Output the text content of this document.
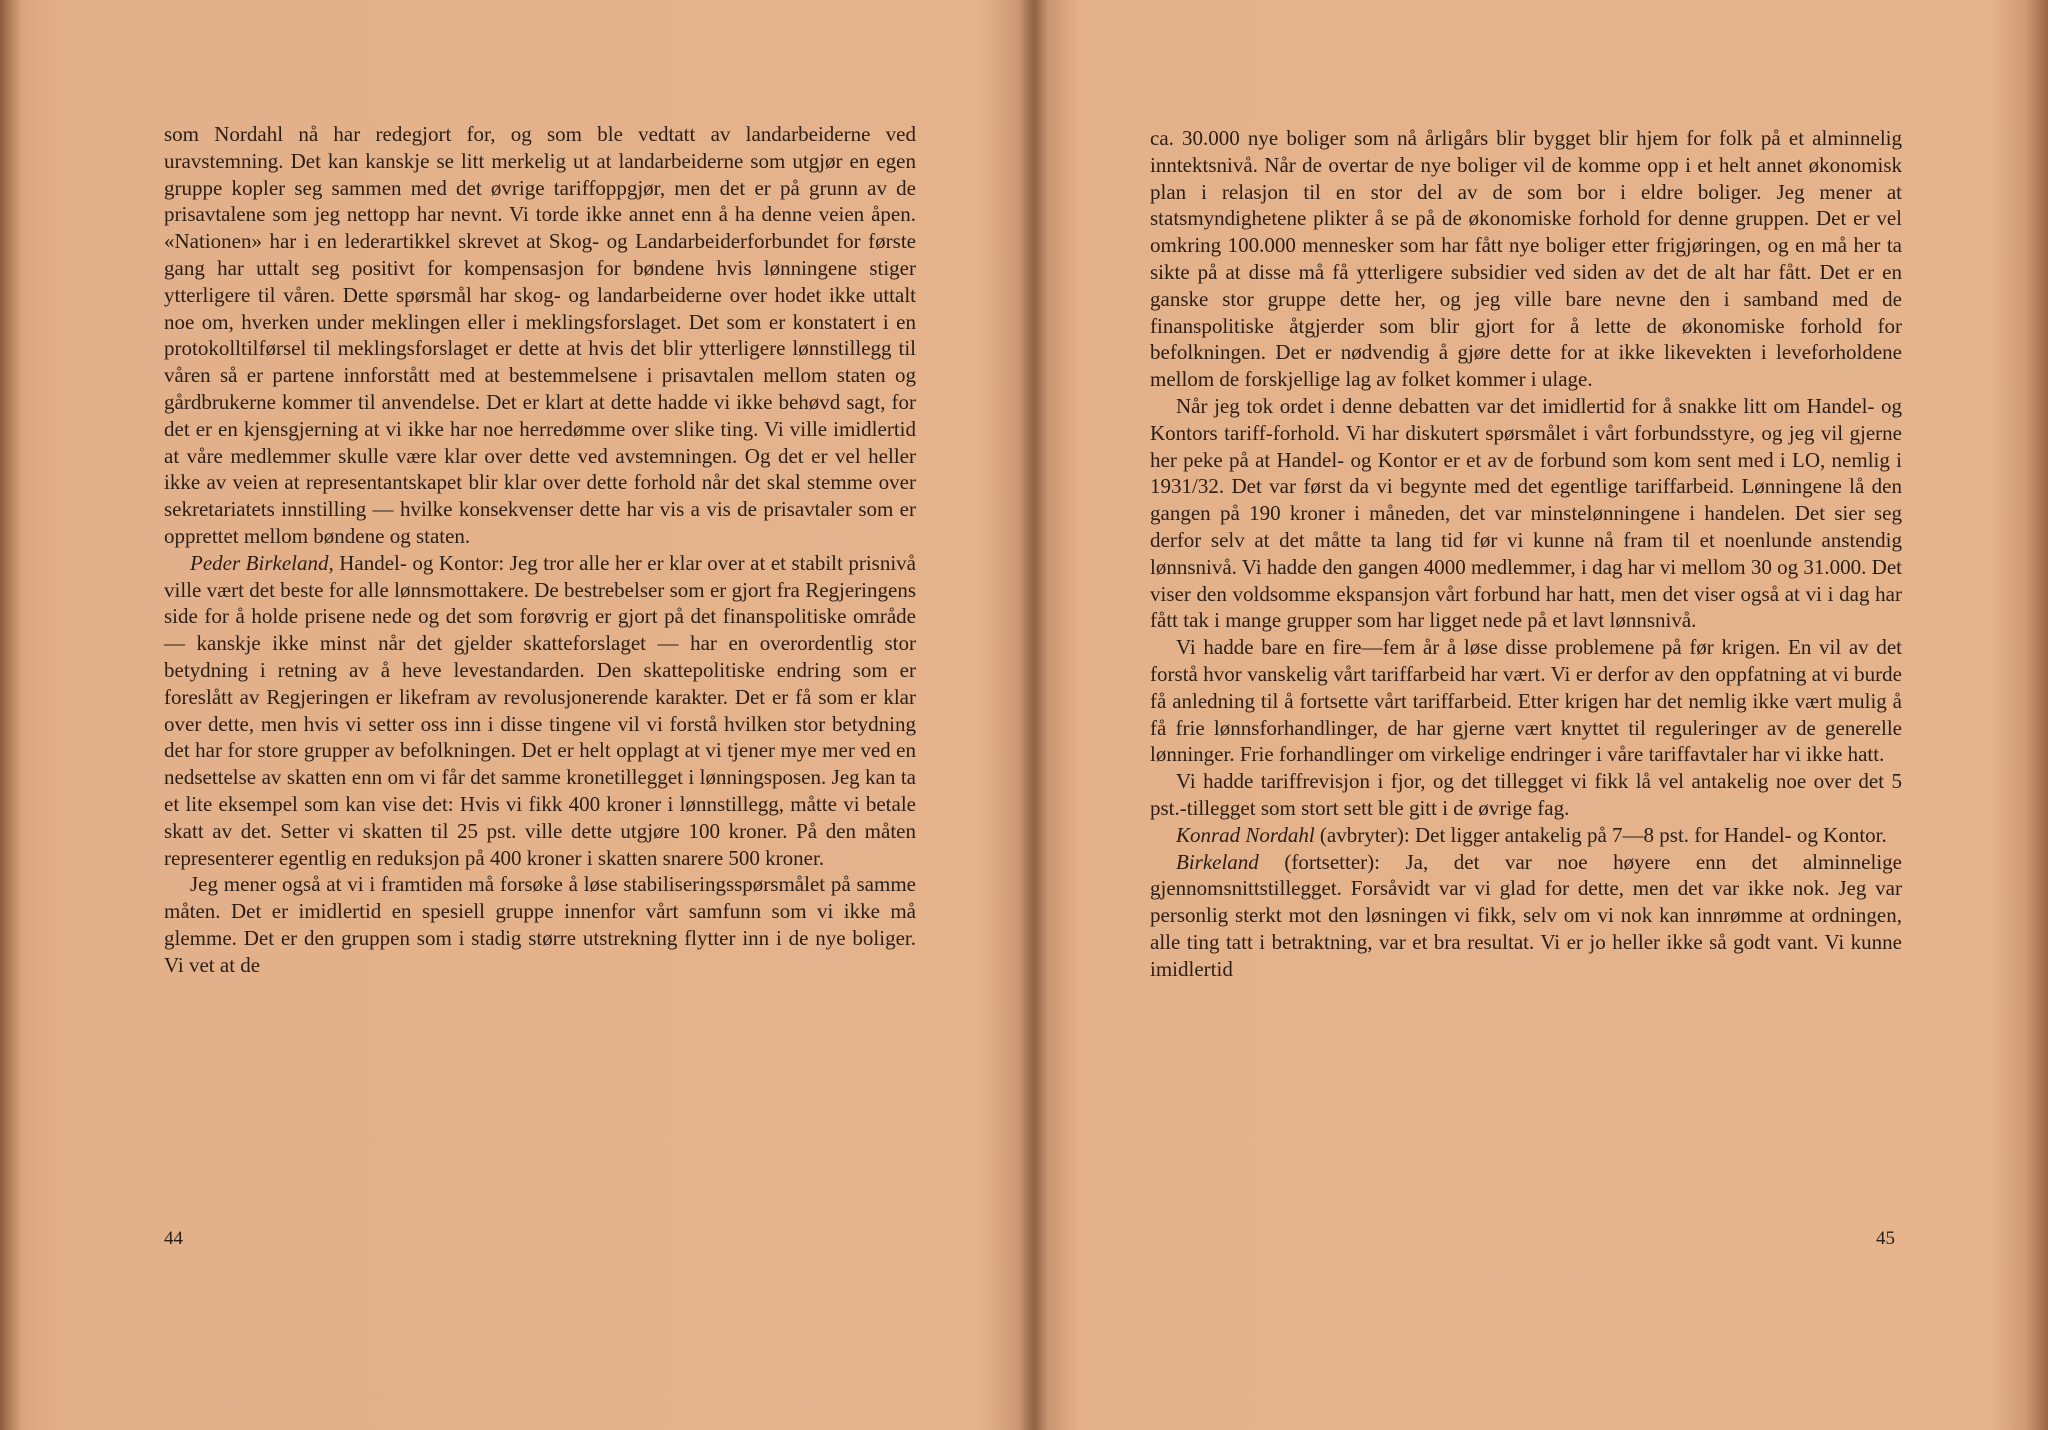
som Nordahl nå har redegjort for, og som ble vedtatt av landarbeiderne ved uravstemning. Det kan kanskje se litt merkelig ut at landarbeiderne som utgjør en egen gruppe kopler seg sammen med det øvrige tariffoppgjør, men det er på grunn av de prisavtalene som jeg nettopp har nevnt. Vi torde ikke annet enn å ha denne veien åpen. «Nationen» har i en lederartikkel skrevet at Skog- og Landarbeiderforbundet for første gang har uttalt seg positivt for kompensasjon for bøndene hvis lønningene stiger ytterligere til våren. Dette spørsmål har skog- og landarbeiderne over hodet ikke uttalt noe om, hverken under meklingen eller i meklingsforslaget. Det som er konstatert i en protokolltilførsel til meklingsforslaget er dette at hvis det blir ytterligere lønnstillegg til våren så er partene innforstått med at bestemmelsene i prisavtalen mellom staten og gårdbrukerne kommer til anvendelse. Det er klart at dette hadde vi ikke behøvd sagt, for det er en kjensgjerning at vi ikke har noe herredømme over slike ting. Vi ville imidlertid at våre medlemmer skulle være klar over dette ved avstemningen. Og det er vel heller ikke av veien at representantskapet blir klar over dette forhold når det skal stemme over sekretariatets innstilling — hvilke konsekvenser dette har vis a vis de prisavtaler som er opprettet mellom bøndene og staten.

Peder Birkeland, Handel- og Kontor: Jeg tror alle her er klar over at et stabilt prisnivå ville vært det beste for alle lønnsmottakere. De bestrebelser som er gjort fra Regjeringens side for å holde prisene nede og det som forøvrig er gjort på det finanspolitiske område — kanskje ikke minst når det gjelder skatteforslaget — har en overordentlig stor betydning i retning av å heve levestandarden. Den skattepolitiske endring som er foreslått av Regjeringen er likefram av revolusjonerende karakter. Det er få som er klar over dette, men hvis vi setter oss inn i disse tingene vil vi forstå hvilken stor betydning det har for store grupper av befolkningen. Det er helt opplagt at vi tjener mye mer ved en nedsettelse av skatten enn om vi får det samme kronetillegget i lønningsposen. Jeg kan ta et lite eksempel som kan vise det: Hvis vi fikk 400 kroner i lønnstillegg, måtte vi betale skatt av det. Setter vi skatten til 25 pst. ville dette utgjøre 100 kroner. På den måten representerer egentlig en reduksjon på 400 kroner i skatten snarere 500 kroner.

Jeg mener også at vi i framtiden må forsøke å løse stabiliseringsspørsmålet på samme måten. Det er imidlertid en spesiell gruppe innenfor vårt samfunn som vi ikke må glemme. Det er den gruppen som i stadig større utstrekning flytter inn i de nye boliger. Vi vet at de

44

ca. 30.000 nye boliger som nå årligårs blir bygget blir hjem for folk på et alminnelig inntektsnivå. Når de overtar de nye boliger vil de komme opp i et helt annet økonomisk plan i relasjon til en stor del av de som bor i eldre boliger. Jeg mener at statsmyndighetene plikter å se på de økonomiske forhold for denne gruppen. Det er vel omkring 100.000 mennesker som har fått nye boliger etter frigjøringen, og en må her ta sikte på at disse må få ytterligere subsidier ved siden av det de alt har fått. Det er en ganske stor gruppe dette her, og jeg ville bare nevne den i samband med de finanspolitiske åtgjerder som blir gjort for å lette de økonomiske forhold for befolkningen. Det er nødvendig å gjøre dette for at ikke likevekten i leveforholdene mellom de forskjellige lag av folket kommer i ulage.

Når jeg tok ordet i denne debatten var det imidlertid for å snakke litt om Handel- og Kontors tariff-forhold. Vi har diskutert spørsmålet i vårt forbundsstyre, og jeg vil gjerne her peke på at Handel- og Kontor er et av de forbund som kom sent med i LO, nemlig i 1931/32. Det var først da vi begynte med det egentlige tariffarbeid. Lønningene lå den gangen på 190 kroner i måneden, det var minstelønningene i handelen. Det sier seg derfor selv at det måtte ta lang tid før vi kunne nå fram til et noenlunde anstendig lønnsnivå. Vi hadde den gangen 4000 medlemmer, i dag har vi mellom 30 og 31.000. Det viser den voldsomme ekspansjon vårt forbund har hatt, men det viser også at vi i dag har fått tak i mange grupper som har ligget nede på et lavt lønnsnivå.

Vi hadde bare en fire—fem år å løse disse problemene på før krigen. En vil av det forstå hvor vanskelig vårt tariffarbeid har vært. Vi er derfor av den oppfatning at vi burde få anledning til å fortsette vårt tariffarbeid. Etter krigen har det nemlig ikke vært mulig å få frie lønnsforhandlinger, de har gjerne vært knyttet til reguleringer av de generelle lønninger. Frie forhandlinger om virkelige endringer i våre tariffavtaler har vi ikke hatt.

Vi hadde tariffrevisjon i fjor, og det tillegget vi fikk lå vel antakelig noe over det 5 pst.-tillegget som stort sett ble gitt i de øvrige fag.

Konrad Nordahl (avbryter): Det ligger antakelig på 7—8 pst. for Handel- og Kontor.

Birkeland (fortsetter): Ja, det var noe høyere enn det alminnelige gjennomsnittstillegget. Forsåvidt var vi glad for dette, men det var ikke nok. Jeg var personlig sterkt mot den løsningen vi fikk, selv om vi nok kan innrømme at ordningen, alle ting tatt i betraktning, var et bra resultat. Vi er jo heller ikke så godt vant. Vi kunne imidlertid

45
